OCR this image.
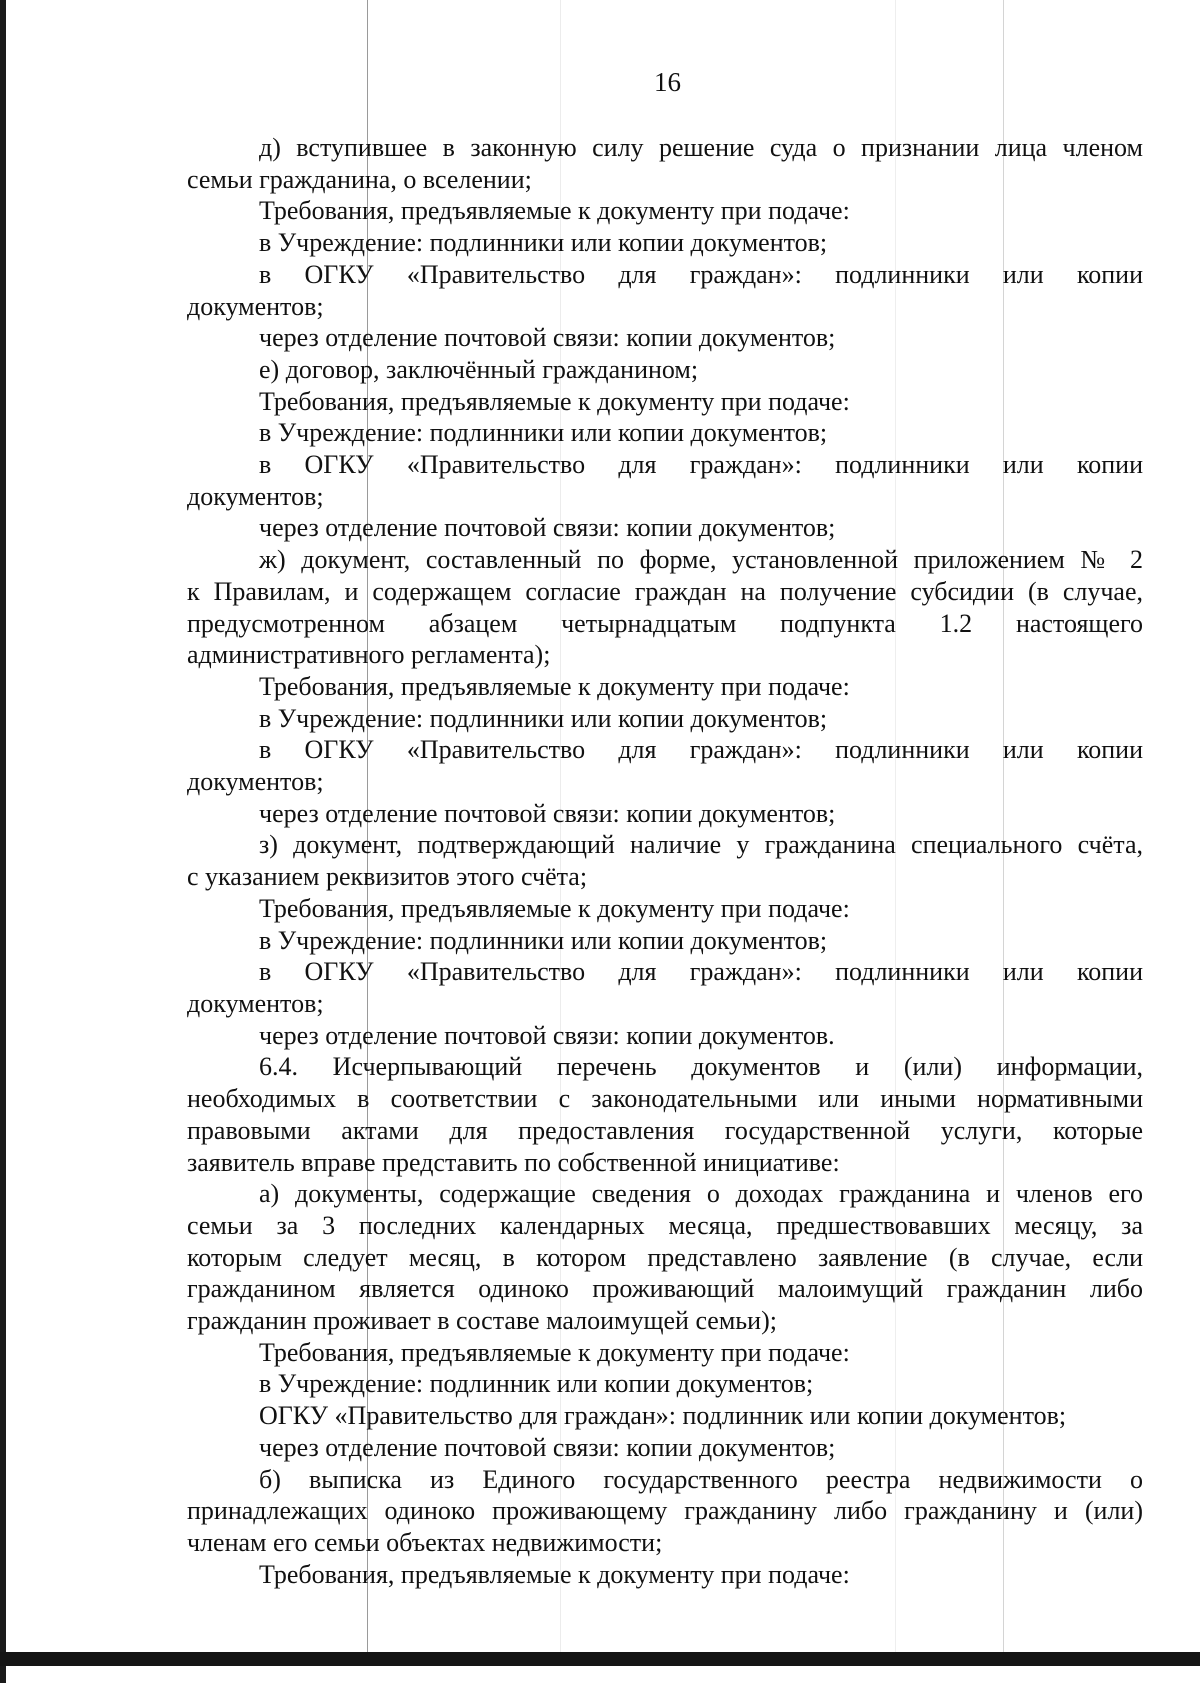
16
д) вступившее в законную силу решение суда о признании лица членом
семьи гражданина, о вселении;
Требования, предъявляемые к документу при подаче:
в Учреждение: подлинники или копии документов;
в ОГКУ «Правительство для граждан»: подлинники или копии
документов;
через отделение почтовой связи: копии документов;
е) договор, заключённый гражданином;
Требования, предъявляемые к документу при подаче:
в Учреждение: подлинники или копии документов;
в ОГКУ «Правительство для граждан»: подлинники или копии
документов;
через отделение почтовой связи: копии документов;
ж) документ, составленный по форме, установленной приложением № 2
к Правилам, и содержащем согласие граждан на получение субсидии (в случае,
предусмотренном абзацем четырнадцатым подпункта 1.2 настоящего
административного регламента);
Требования, предъявляемые к документу при подаче:
в Учреждение: подлинники или копии документов;
в ОГКУ «Правительство для граждан»: подлинники или копии
документов;
через отделение почтовой связи: копии документов;
з) документ, подтверждающий наличие у гражданина специального счёта,
с указанием реквизитов этого счёта;
Требования, предъявляемые к документу при подаче:
в Учреждение: подлинники или копии документов;
в ОГКУ «Правительство для граждан»: подлинники или копии
документов;
через отделение почтовой связи: копии документов.
6.4. Исчерпывающий перечень документов и (или) информации,
необходимых в соответствии с законодательными или иными нормативными
правовыми актами для предоставления государственной услуги, которые
заявитель вправе представить по собственной инициативе:
а) документы, содержащие сведения о доходах гражданина и членов его
семьи за 3 последних календарных месяца, предшествовавших месяцу, за
которым следует месяц, в котором представлено заявление (в случае, если
гражданином является одиноко проживающий малоимущий гражданин либо
гражданин проживает в составе малоимущей семьи);
Требования, предъявляемые к документу при подаче:
в Учреждение: подлинник или копии документов;
ОГКУ «Правительство для граждан»: подлинник или копии документов;
через отделение почтовой связи: копии документов;
б) выписка из Единого государственного реестра недвижимости о
принадлежащих одиноко проживающему гражданину либо гражданину и (или)
членам его семьи объектах недвижимости;
Требования, предъявляемые к документу при подаче:
